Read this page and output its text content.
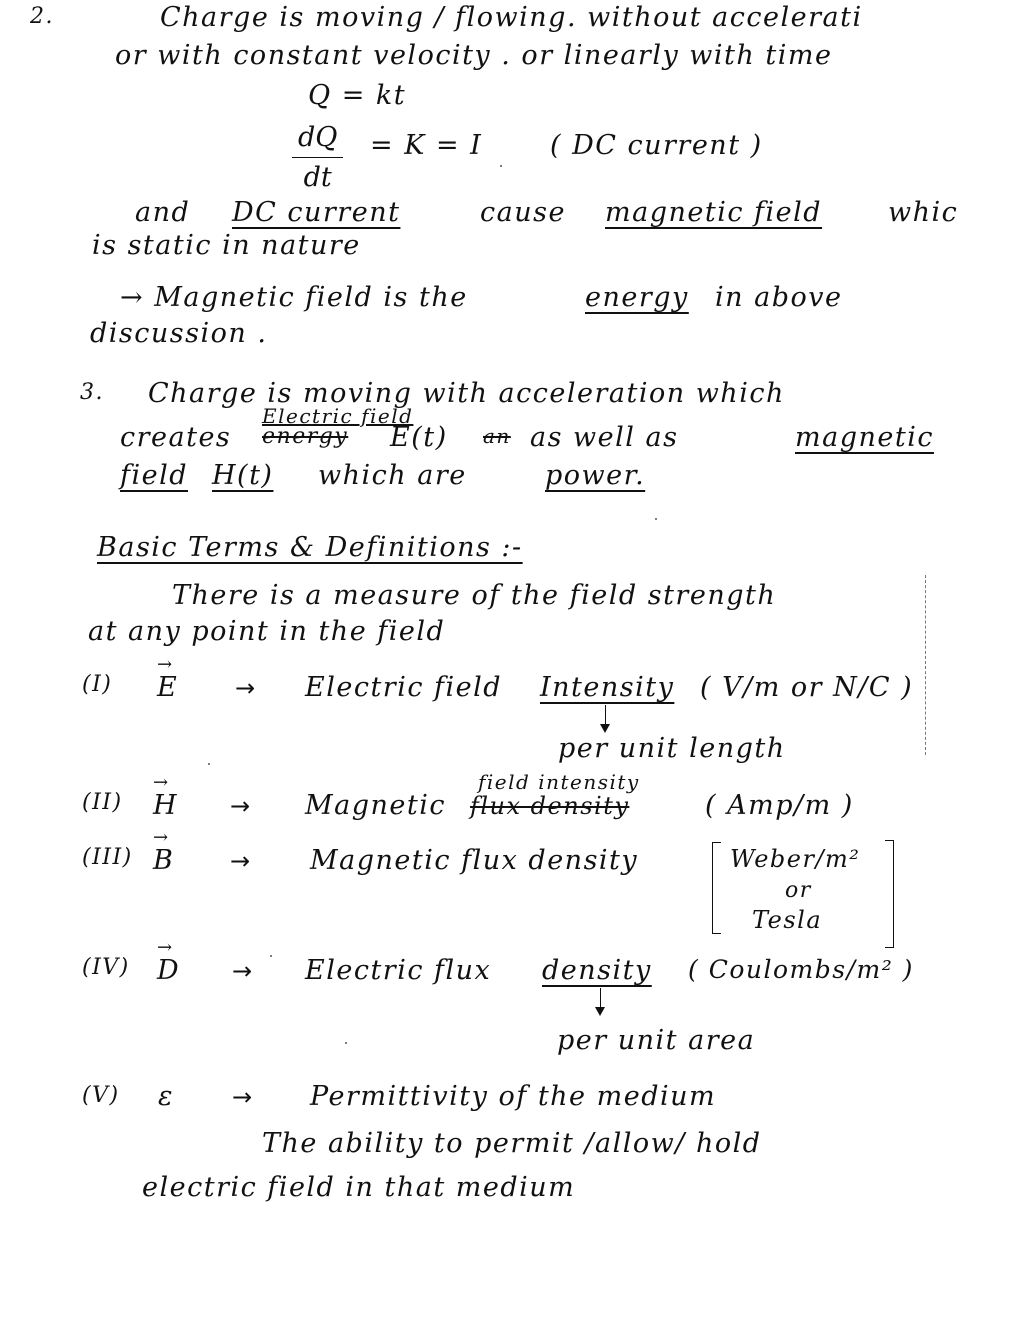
2.	Charge is moving / flowing. without accelerati
or with constant velocity . or linearly with time
Q = kt
$\frac{dQ}{dt} = K = I$	( DC current )
and DC current	cause magnetic field whic
is static in nature
→ Magnetic field is the	energy in above
discussion .
3. Charge is moving with acceleration which
creates
Electric field
energy E(t) an as well as	magnetic
field H(t) which are	power.
Basic Terms & Definitions :-
There is a measure of the field strength
at any point in the field
(I) → E → Electric field Intensity ( V/m or N/C )
per unit length
(II) → H → Magnetic
field intensity
flux density	( Amp/m )
(III) → B → Magnetic flux density	Weber/m²
or
Tesla
(IV) → D → Electric flux density ( Coulombs/m² )
per unit area
(V) ε → Permittivity of the medium
The ability to permit /allow/ hold
electric field in that medium
